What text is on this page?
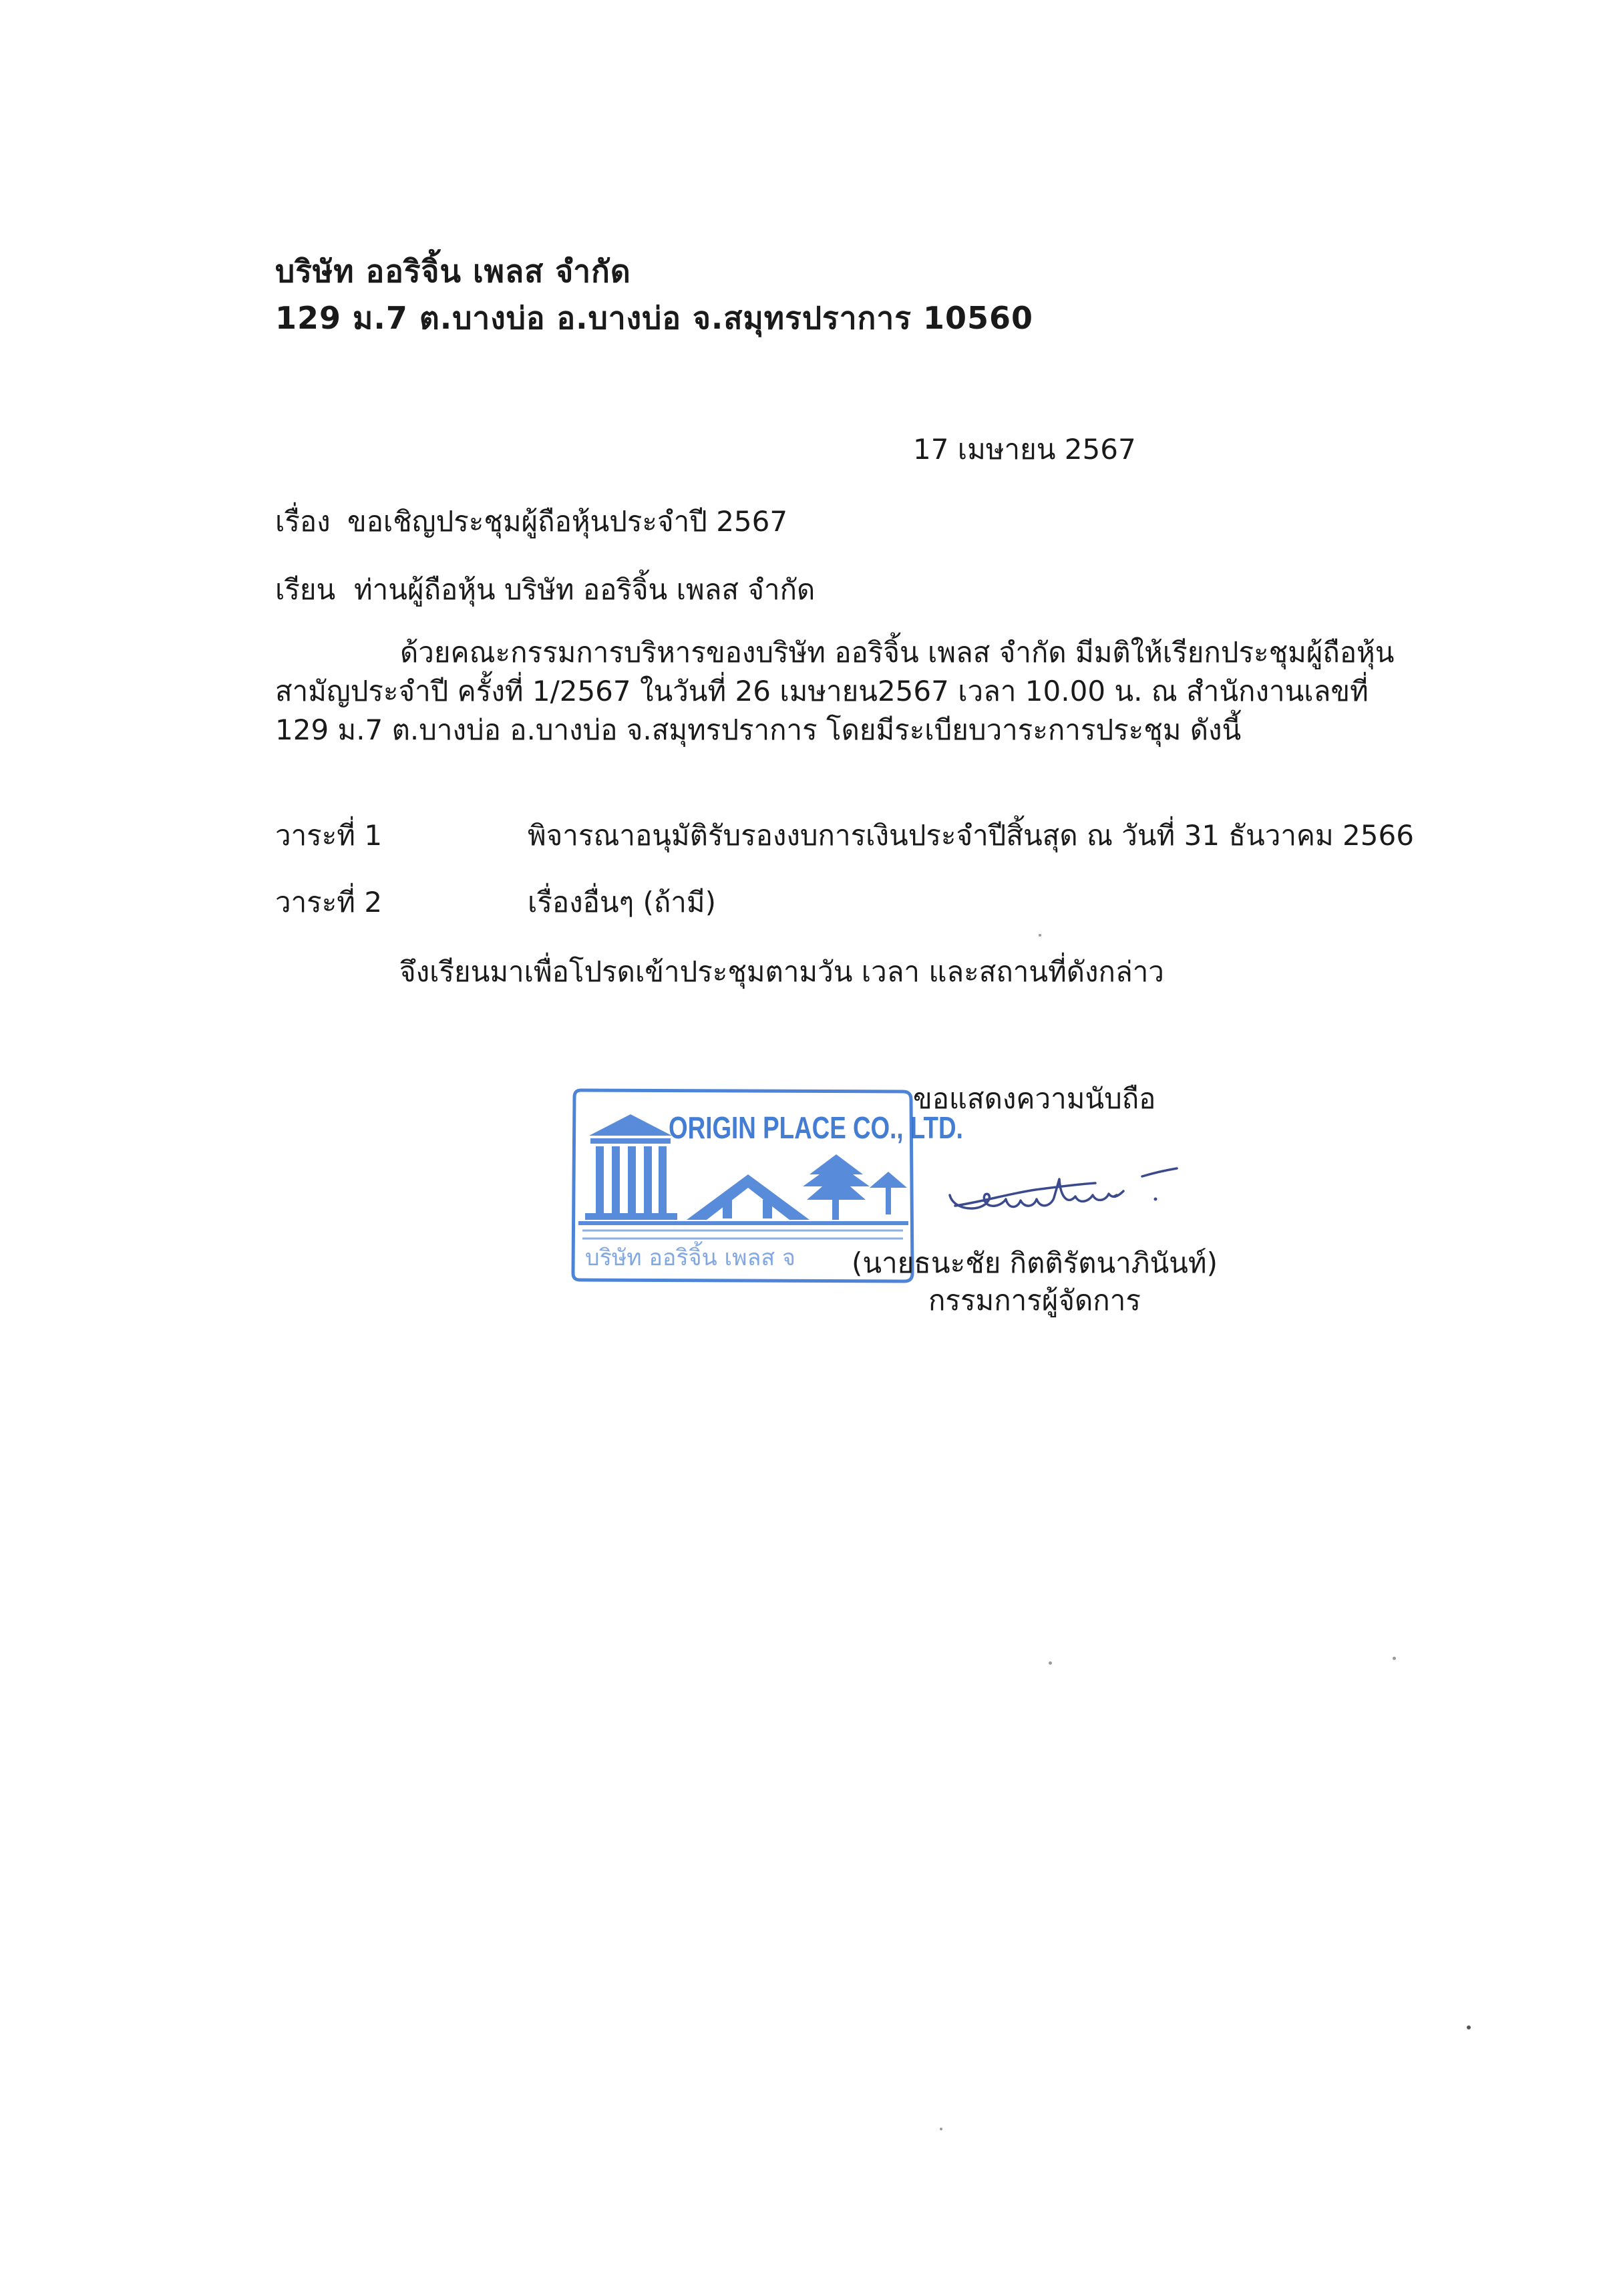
บริษัท ออริจิ้น เพลส จำกัด
129 ม.7 ต.บางบ่อ อ.บางบ่อ จ.สมุทรปราการ 10560
17 เมษายน 2567
เรื่อง ขอเชิญประชุมผู้ถือหุ้นประจำปี 2567
เรียน ท่านผู้ถือหุ้น บริษัท ออริจิ้น เพลส จำกัด
ด้วยคณะกรรมการบริหารของบริษัท ออริจิ้น เพลส จำกัด มีมติให้เรียกประชุมผู้ถือหุ้น
สามัญประจำปี ครั้งที่ 1/2567 ในวันที่ 26 เมษายน2567 เวลา 10.00 น. ณ สำนักงานเลขที่
129 ม.7 ต.บางบ่อ อ.บางบ่อ จ.สมุทรปราการ โดยมีระเบียบวาระการประชุม ดังนี้
วาระที่ 1	พิจารณาอนุมัติรับรองงบการเงินประจำปีสิ้นสุด ณ วันที่ 31 ธันวาคม 2566
วาระที่ 2	เรื่องอื่นๆ (ถ้ามี)
จึงเรียนมาเพื่อโปรดเข้าประชุมตามวัน เวลา และสถานที่ดังกล่าว
ORIGIN PLACE CO., LTD.
บริษัท ออริจิ้น เพลส จ
ขอแสดงความนับถือ
(นายธนะชัย กิตติรัตนาภินันท์)
กรรมการผู้จัดการ
